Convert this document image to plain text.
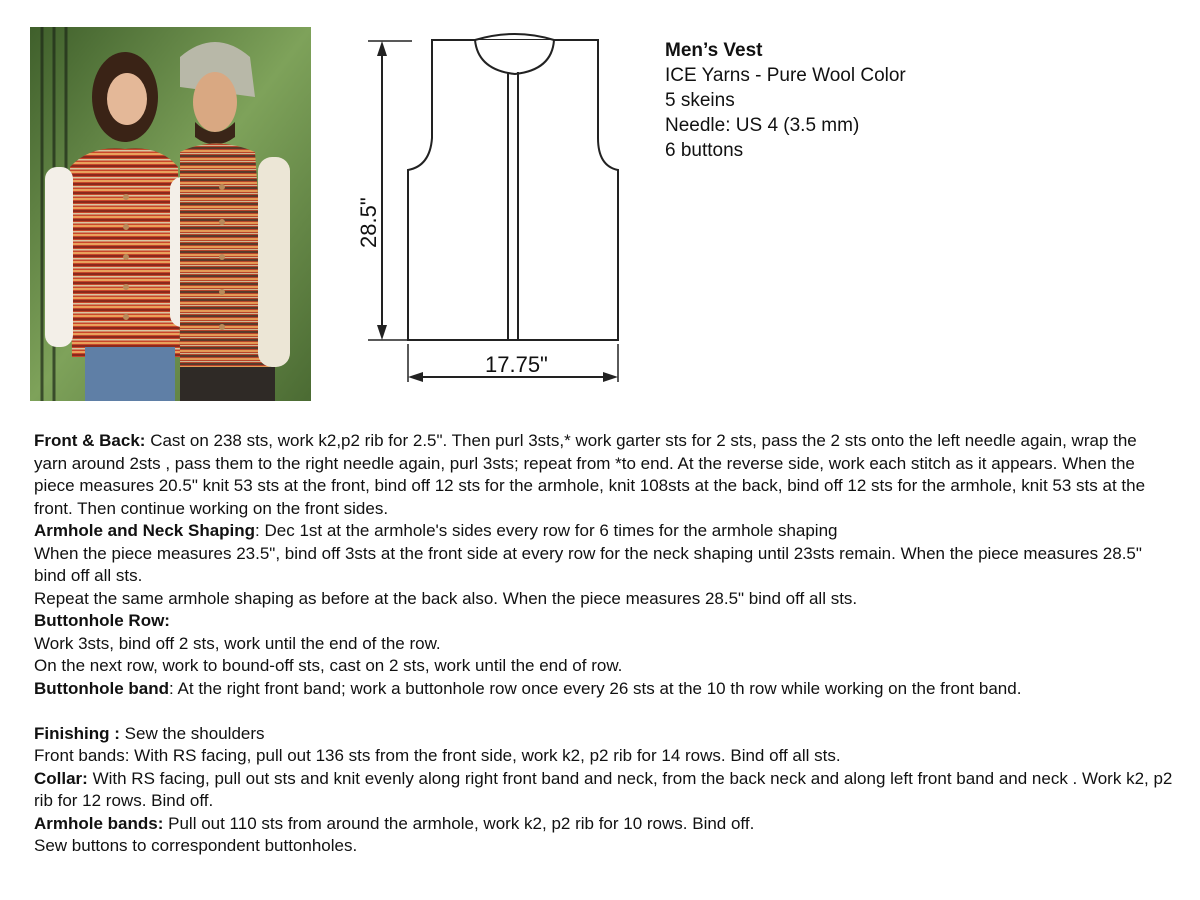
28.5"
17.75"
Men’s Vest
ICE Yarns - Pure Wool Color
5 skeins
Needle: US 4 (3.5 mm)
6 buttons

Front & Back: Cast on 238 sts, work k2,p2 rib for 2.5". Then purl 3sts,* work garter sts for 2 sts, pass the 2 sts onto the left needle again, wrap the yarn around 2sts , pass them to the right needle again, purl 3sts; repeat from *to end. At the reverse side, work each stitch as it appears. When the piece measures 20.5" knit 53 sts at the front, bind off 12 sts for the armhole, knit 108sts at the back, bind off 12 sts for the armhole, knit 53 sts at the front. Then continue working on the front sides.

Armhole and Neck Shaping: Dec 1st at the armhole's sides every row for 6 times for the armhole shaping

When the piece measures 23.5", bind off 3sts at the front side at every row for the neck shaping until 23sts remain. When the piece measures 28.5" bind off all sts.

Repeat the same armhole shaping as before at the back also. When the piece measures 28.5" bind off all sts.

Buttonhole Row:

Work 3sts, bind off 2 sts, work until the end of the row.

On the next row, work to bound-off sts, cast on 2 sts, work until the end of row.

Buttonhole band: At the right front band; work a buttonhole row once every 26 sts at the 10 th row while working on the front band.

Finishing : Sew the shoulders

Front bands: With RS facing, pull out 136 sts from the front side, work k2, p2 rib for 14 rows. Bind off all sts.

Collar: With RS facing, pull out sts and knit evenly along right front band and neck, from the back neck and along left front band and neck . Work k2, p2 rib for 12 rows. Bind off.

Armhole bands: Pull out 110 sts from around the armhole, work k2, p2 rib for 10 rows. Bind off.

Sew buttons to correspondent buttonholes.
